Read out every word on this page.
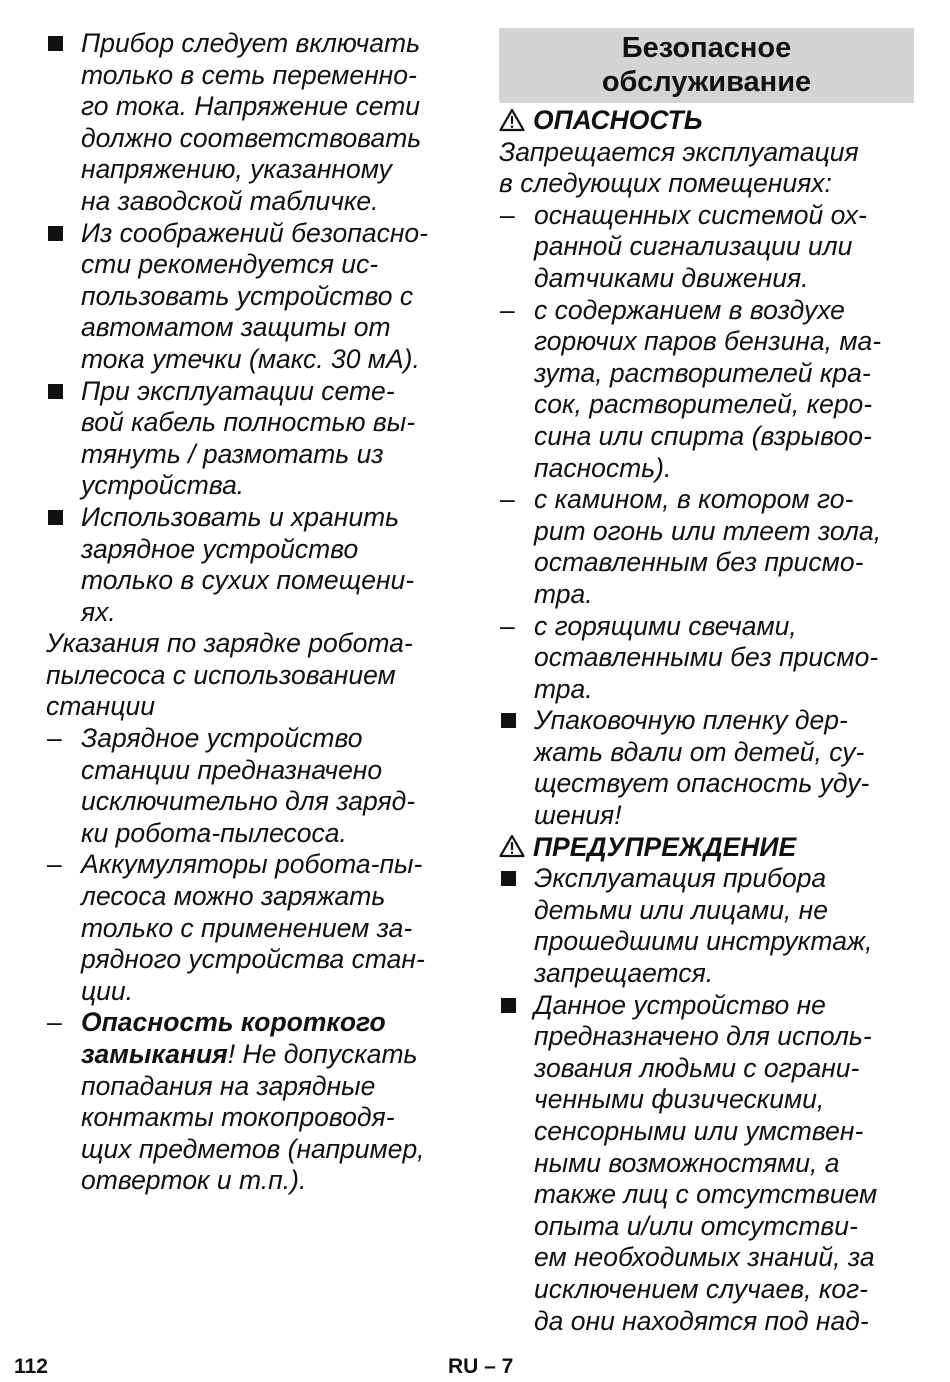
Прибор следует включать
только в сеть переменно-
го тока. Напряжение сети
должно соответствовать
напряжению, указанному
на заводской табличке.
Из соображений безопасно-
сти рекомендуется ис-
пользовать устройство с
автоматом защиты от
тока утечки (макс. 30 мА).
При эксплуатации сете-
вой кабель полностью вы-
тянуть / размотать из
устройства.
Использовать и хранить
зарядное устройство
только в сухих помещени-
ях.
Указания по зарядке робота-
пылесоса с использованием
станции
– Зарядное устройство
станции предназначено
исключительно для заряд-
ки робота-пылесоса.
– Аккумуляторы робота-пы-
лесоса можно заряжать
только с применением за-
рядного устройства стан-
ции.
– Опасность короткого
замыкания! Не допускать
попадания на зарядные
контакты токопроводя-
щих предметов (например,
отверток и т.п.).
Безопасное
обслуживание
ОПАСНОСТЬ
Запрещается эксплуатация
в следующих помещениях:
– оснащенных системой ох-
ранной сигнализации или
датчиками движения.
– с содержанием в воздухе
горючих паров бензина, ма-
зута, растворителей кра-
сок, растворителей, керо-
сина или спирта (взрывоо-
пасность).
– с камином, в котором го-
рит огонь или тлеет зола,
оставленным без присмо-
тра.
– с горящими свечами,
оставленными без присмо-
тра.
Упаковочную пленку дер-
жать вдали от детей, су-
ществует опасность уду-
шения!
ПРЕДУПРЕЖДЕНИЕ
Эксплуатация прибора
детьми или лицами, не
прошедшими инструктаж,
запрещается.
Данное устройство не
предназначено для исполь-
зования людьми с ограни-
ченными физическими,
сенсорными или умствен-
ными возможностями, а
также лиц с отсутствием
опыта и/или отсутстви-
ем необходимых знаний, за
исключением случаев, ког-
да они находятся под над-
112	RU – 7
